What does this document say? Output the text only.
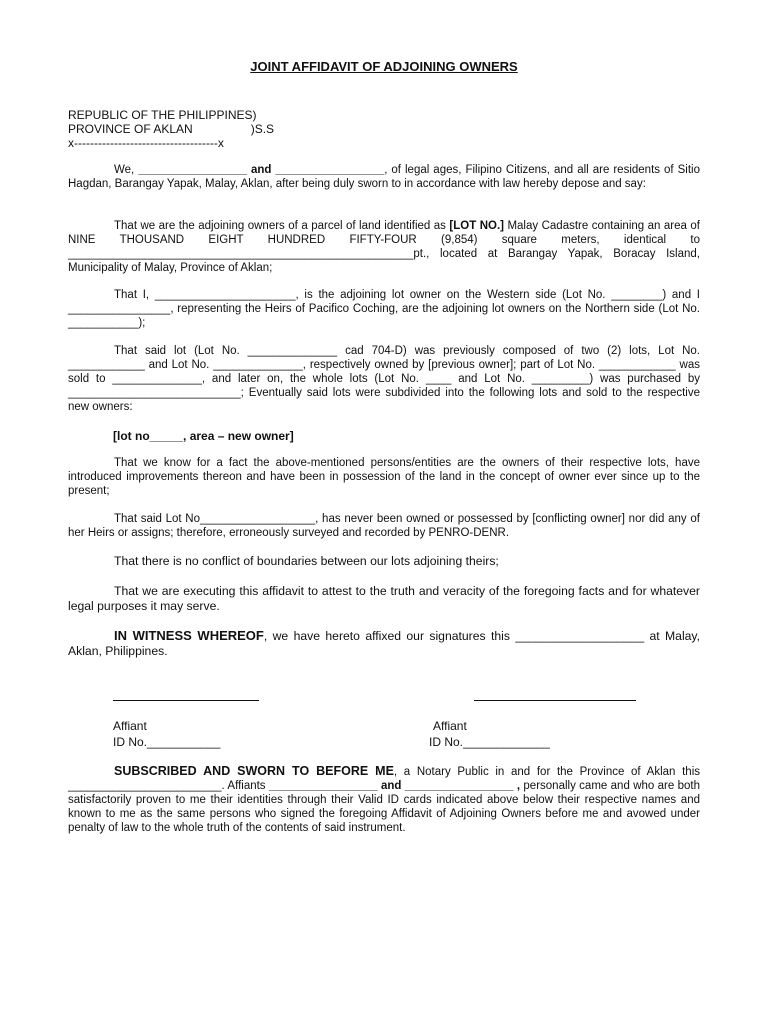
JOINT AFFIDAVIT OF ADJOINING OWNERS
REPUBLIC OF THE PHILIPPINES)
PROVINCE OF AKLAN	)S.S
x------------------------------------x
We, _________________ and _________________, of legal ages, Filipino Citizens, and all are residents of Sitio Hagdan, Barangay Yapak, Malay, Aklan, after being duly sworn to in accordance with law hereby depose and say:
That we are the adjoining owners of a parcel of land identified as [LOT NO.] Malay Cadastre containing an area of NINE THOUSAND EIGHT HUNDRED FIFTY-FOUR (9,854) square meters, identical to ______________________________________________________pt., located at Barangay Yapak, Boracay Island, Municipality of Malay, Province of Aklan;
That I, ______________________, is the adjoining lot owner on the Western side (Lot No. ________) and I ________________, representing the Heirs of Pacifico Coching, are the adjoining lot owners on the Northern side (Lot No. ___________);
That said lot (Lot No. ______________ cad 704-D) was previously composed of two (2) lots, Lot No. ____________ and Lot No. ______________, respectively owned by [previous owner]; part of Lot No. ____________ was sold to ______________, and later on, the whole lots (Lot No. ____ and Lot No. _________) was purchased by ___________________________; Eventually said lots were subdivided into the following lots and sold to the respective new owners:
[lot no_____, area – new owner]
That we know for a fact the above-mentioned persons/entities are the owners of their respective lots, have introduced improvements thereon and have been in possession of the land in the concept of owner ever since up to the present;
That said Lot No__________________, has never been owned or possessed by [conflicting owner] nor did any of her Heirs or assigns; therefore, erroneously surveyed and recorded by PENRO-DENR.
That there is no conflict of boundaries between our lots adjoining theirs;
That we are executing this affidavit to attest to the truth and veracity of the foregoing facts and for whatever legal purposes it may serve.
IN WITNESS WHEREOF, we have hereto affixed our signatures this ___________________ at Malay, Aklan, Philippines.
Affiant
ID No.___________
Affiant
ID No._____________
SUBSCRIBED AND SWORN TO BEFORE ME, a Notary Public in and for the Province of Aklan this ________________________. Affiants _________________ and _________________ , personally came and who are both satisfactorily proven to me their identities through their Valid ID cards indicated above below their respective names and known to me as the same persons who signed the foregoing Affidavit of Adjoining Owners before me and avowed under penalty of law to the whole truth of the contents of said instrument.
